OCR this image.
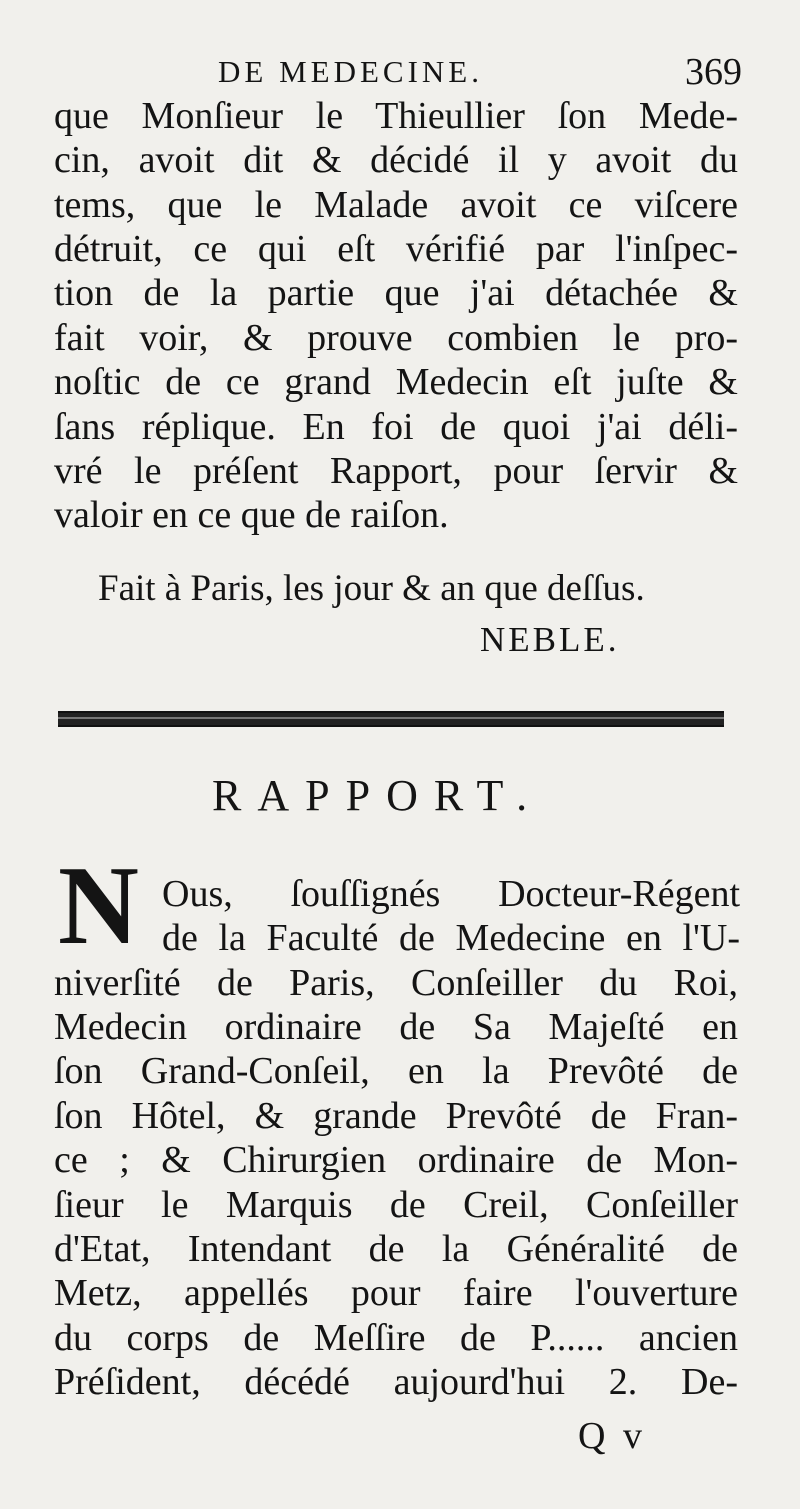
DE MEDECINE.	369
que Monſieur le Thieullier ſon Mede-
cin, avoit dit & décidé il y avoit du
tems, que le Malade avoit ce viſcere
détruit, ce qui eſt vérifié par l'inſpec-
tion de la partie que j'ai détachée &
fait voir, & prouve combien le pro-
noſtic de ce grand Medecin eſt juſte &
ſans réplique. En foi de quoi j'ai déli-
vré le préſent Rapport, pour ſervir &
valoir en ce que de raiſon.
Fait à Paris, les jour & an que deſſus.
NEBLE.
RAPPORT.
N Ous, ſouſſignés Docteur-Régent
de la Faculté de Medecine en l'U-
niverſité de Paris, Conſeiller du Roi,
Medecin ordinaire de Sa Majeſté en
ſon Grand-Conſeil, en la Prevôté de
ſon Hôtel, & grande Prevôté de Fran-
ce ; & Chirurgien ordinaire de Mon-
ſieur le Marquis de Creil, Conſeiller
d'Etat, Intendant de la Généralité de
Metz, appellés pour faire l'ouverture
du corps de Meſſire de P...... ancien
Préſident, décédé aujourd'hui 2. De-
Q v
